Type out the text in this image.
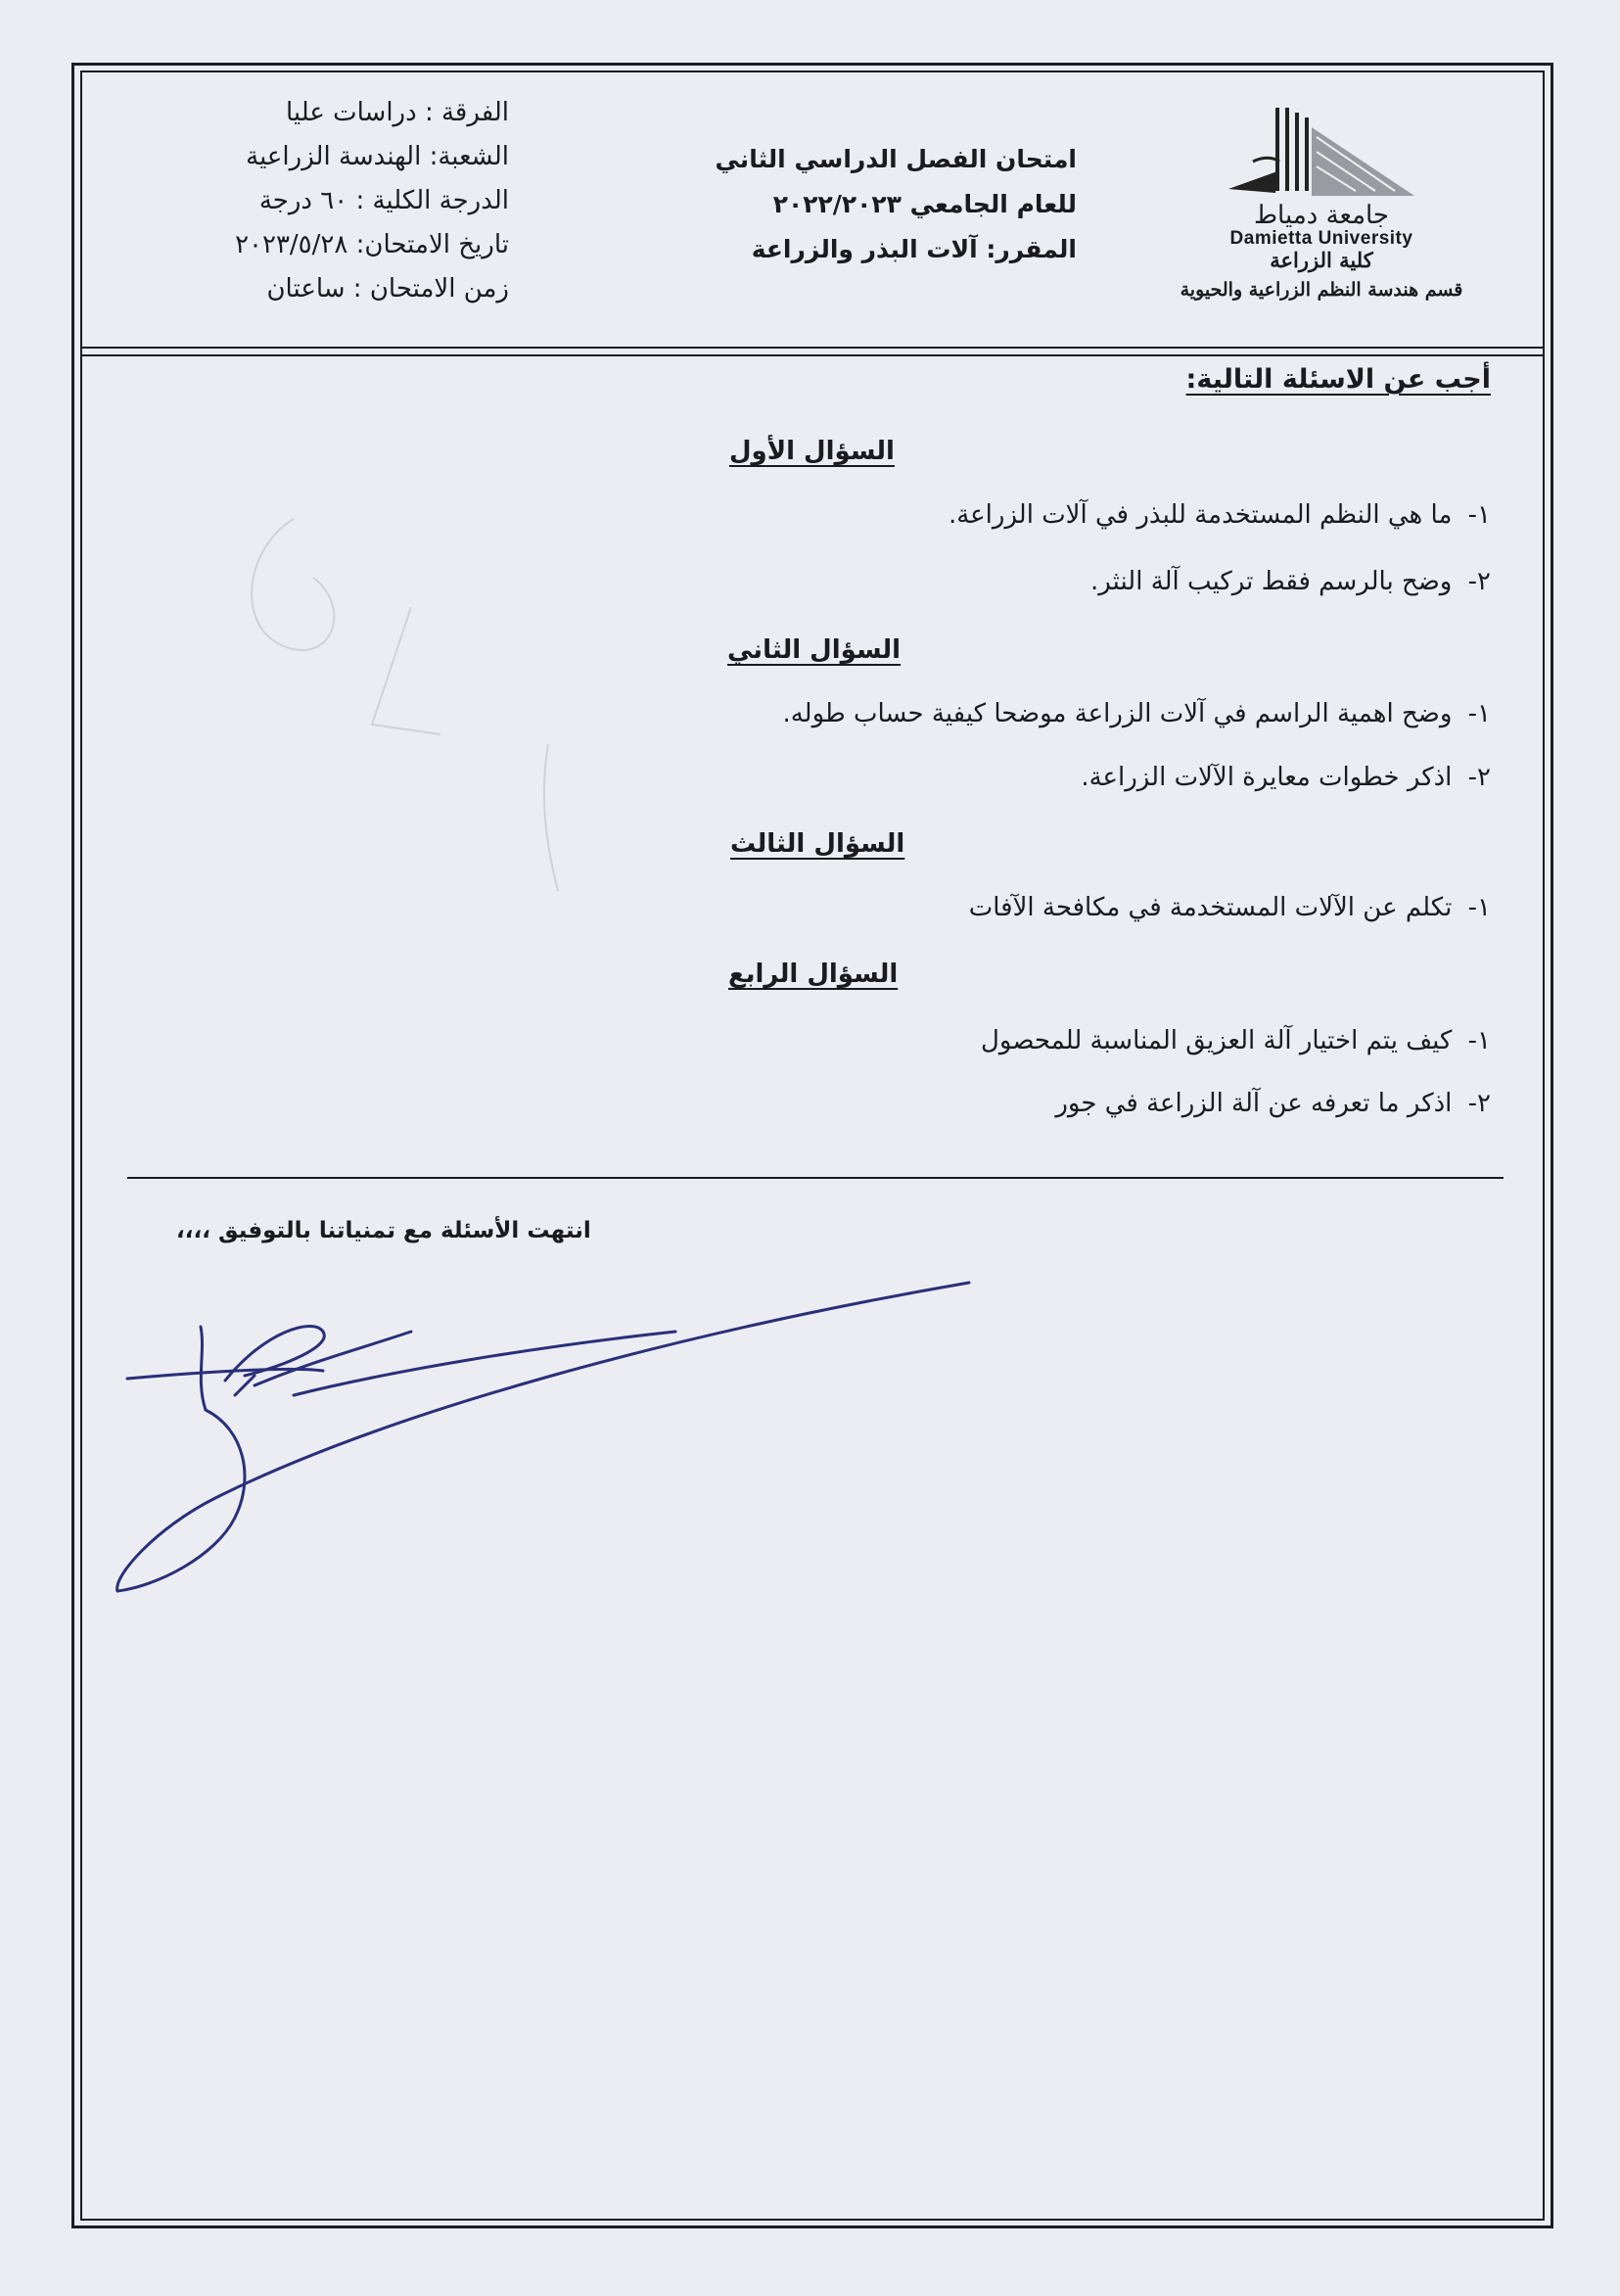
جامعة دمياط
Damietta University
كلية الزراعة
قسم هندسة النظم الزراعية والحيوية
امتحان الفصل الدراسي الثاني
للعام الجامعي ٢٠٢٢/٢٠٢٣
المقرر: آلات البذر والزراعة
الفرقة : دراسات عليا
الشعبة: الهندسة الزراعية
الدرجة الكلية : ٦٠ درجة
تاريخ الامتحان: ٢٠٢٣/٥/٢٨
زمن الامتحان : ساعتان
أجب عن الاسئلة التالية:
السؤال الأول
١- ما هي النظم المستخدمة للبذر في آلات الزراعة.
٢- وضح بالرسم فقط تركيب آلة النثر.
السؤال الثاني
١- وضح اهمية الراسم في آلات الزراعة موضحا كيفية حساب طوله.
٢- اذكر خطوات معايرة الآلات الزراعة.
السؤال الثالث
١- تكلم عن الآلات المستخدمة في مكافحة الآفات
السؤال الرابع
١- كيف يتم اختيار آلة العزيق المناسبة للمحصول
٢- اذكر ما تعرفه عن آلة الزراعة في جور
انتهت الأسئلة مع تمنياتنا بالتوفيق ،،،،
